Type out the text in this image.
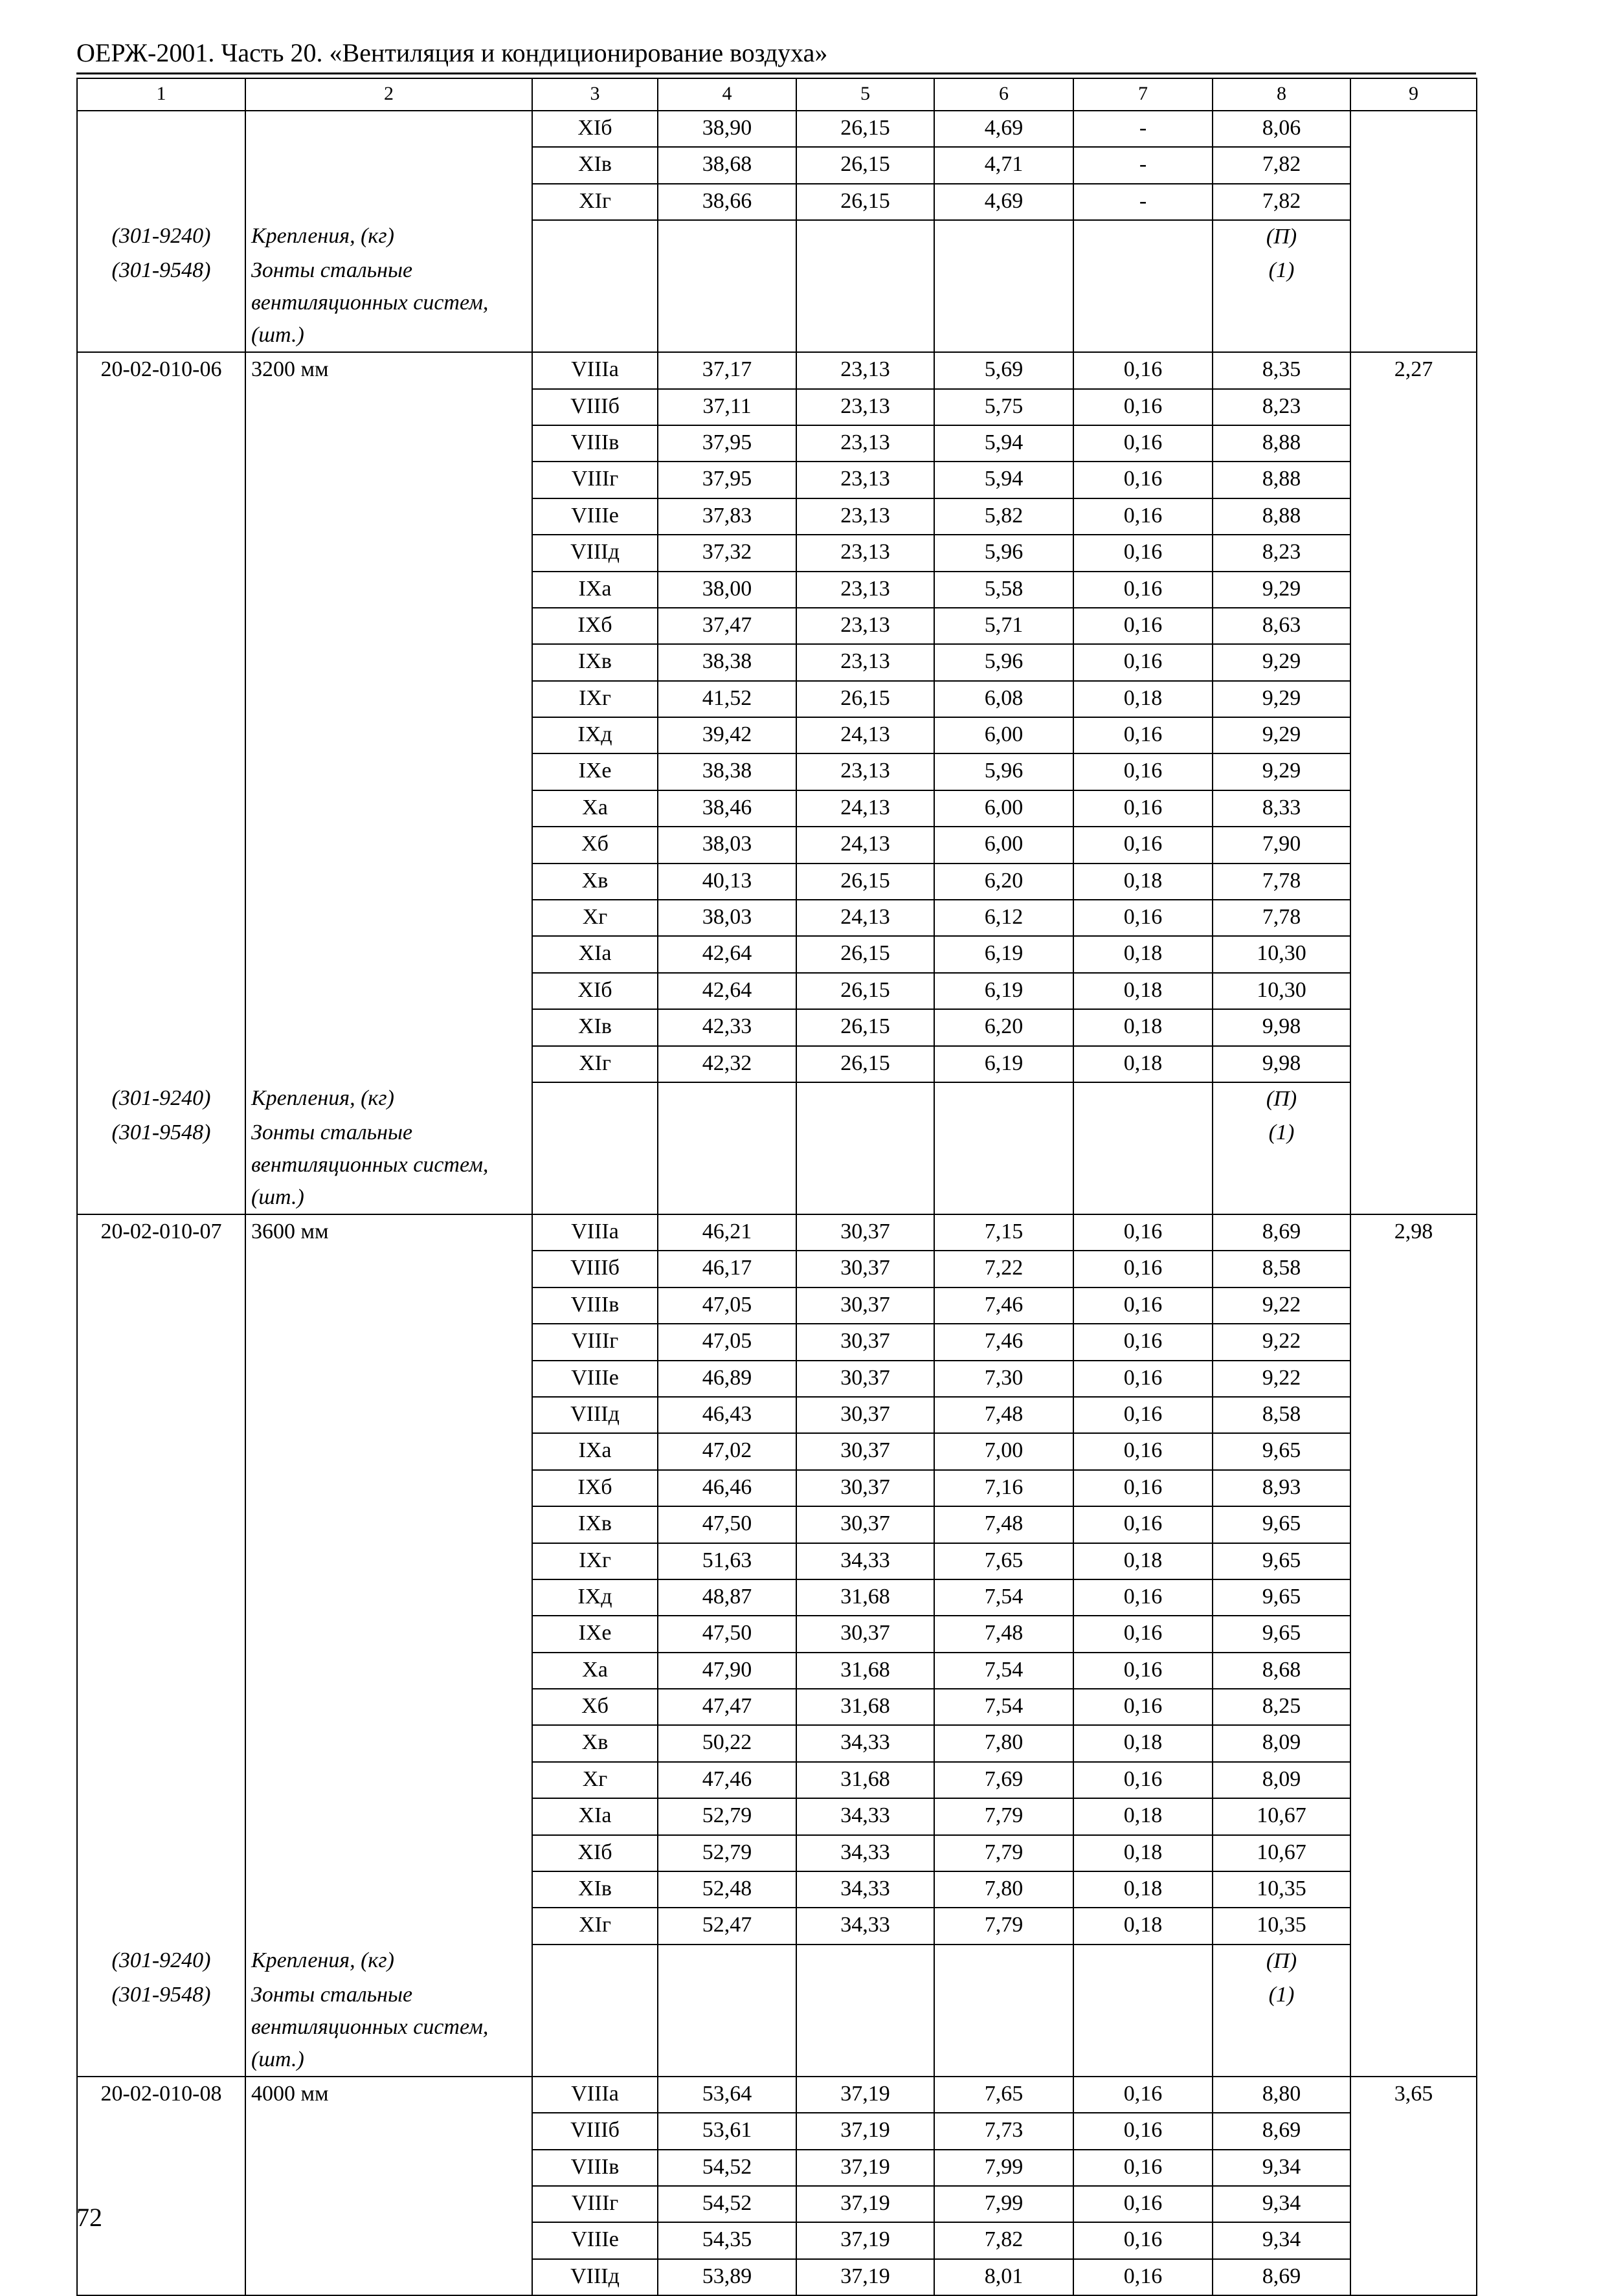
ОЕРЖ-2001. Часть 20. «Вентиляция и кондиционирование воздуха»
1	2	3	4	5	6	7	8	9
		XIб	38,90	26,15	4,69	-	8,06	
		XIв	38,68	26,15	4,71	-	7,82	
		XIг	38,66	26,15	4,69	-	7,82	
(301-9240)	Крепления, (кг)						(П)	
(301-9548)	Зонты стальные вентиляционных систем, (шт.)						(1)	
20-02-010-06	3200 мм	VIIIа	37,17	23,13	5,69	0,16	8,35	2,27
		VIIIб	37,11	23,13	5,75	0,16	8,23	
		VIIIв	37,95	23,13	5,94	0,16	8,88	
		VIIIг	37,95	23,13	5,94	0,16	8,88	
		VIIIе	37,83	23,13	5,82	0,16	8,88	
		VIIIд	37,32	23,13	5,96	0,16	8,23	
		IXа	38,00	23,13	5,58	0,16	9,29	
		IXб	37,47	23,13	5,71	0,16	8,63	
		IXв	38,38	23,13	5,96	0,16	9,29	
		IXг	41,52	26,15	6,08	0,18	9,29	
		IXд	39,42	24,13	6,00	0,16	9,29	
		IXе	38,38	23,13	5,96	0,16	9,29	
		Xа	38,46	24,13	6,00	0,16	8,33	
		Xб	38,03	24,13	6,00	0,16	7,90	
		Xв	40,13	26,15	6,20	0,18	7,78	
		Xг	38,03	24,13	6,12	0,16	7,78	
		XIа	42,64	26,15	6,19	0,18	10,30	
		XIб	42,64	26,15	6,19	0,18	10,30	
		XIв	42,33	26,15	6,20	0,18	9,98	
		XIг	42,32	26,15	6,19	0,18	9,98	
(301-9240)	Крепления, (кг)						(П)	
(301-9548)	Зонты стальные вентиляционных систем, (шт.)						(1)	
20-02-010-07	3600 мм	VIIIа	46,21	30,37	7,15	0,16	8,69	2,98
		VIIIб	46,17	30,37	7,22	0,16	8,58	
		VIIIв	47,05	30,37	7,46	0,16	9,22	
		VIIIг	47,05	30,37	7,46	0,16	9,22	
		VIIIе	46,89	30,37	7,30	0,16	9,22	
		VIIIд	46,43	30,37	7,48	0,16	8,58	
		IXа	47,02	30,37	7,00	0,16	9,65	
		IXб	46,46	30,37	7,16	0,16	8,93	
		IXв	47,50	30,37	7,48	0,16	9,65	
		IXг	51,63	34,33	7,65	0,18	9,65	
		IXд	48,87	31,68	7,54	0,16	9,65	
		IXе	47,50	30,37	7,48	0,16	9,65	
		Xа	47,90	31,68	7,54	0,16	8,68	
		Xб	47,47	31,68	7,54	0,16	8,25	
		Xв	50,22	34,33	7,80	0,18	8,09	
		Xг	47,46	31,68	7,69	0,16	8,09	
		XIа	52,79	34,33	7,79	0,18	10,67	
		XIб	52,79	34,33	7,79	0,18	10,67	
		XIв	52,48	34,33	7,80	0,18	10,35	
		XIг	52,47	34,33	7,79	0,18	10,35	
(301-9240)	Крепления, (кг)						(П)	
(301-9548)	Зонты стальные вентиляционных систем, (шт.)						(1)	
20-02-010-08	4000 мм	VIIIа	53,64	37,19	7,65	0,16	8,80	3,65
		VIIIб	53,61	37,19	7,73	0,16	8,69	
		VIIIв	54,52	37,19	7,99	0,16	9,34	
		VIIIг	54,52	37,19	7,99	0,16	9,34	
		VIIIе	54,35	37,19	7,82	0,16	9,34	
		VIIIд	53,89	37,19	8,01	0,16	8,69	
72
